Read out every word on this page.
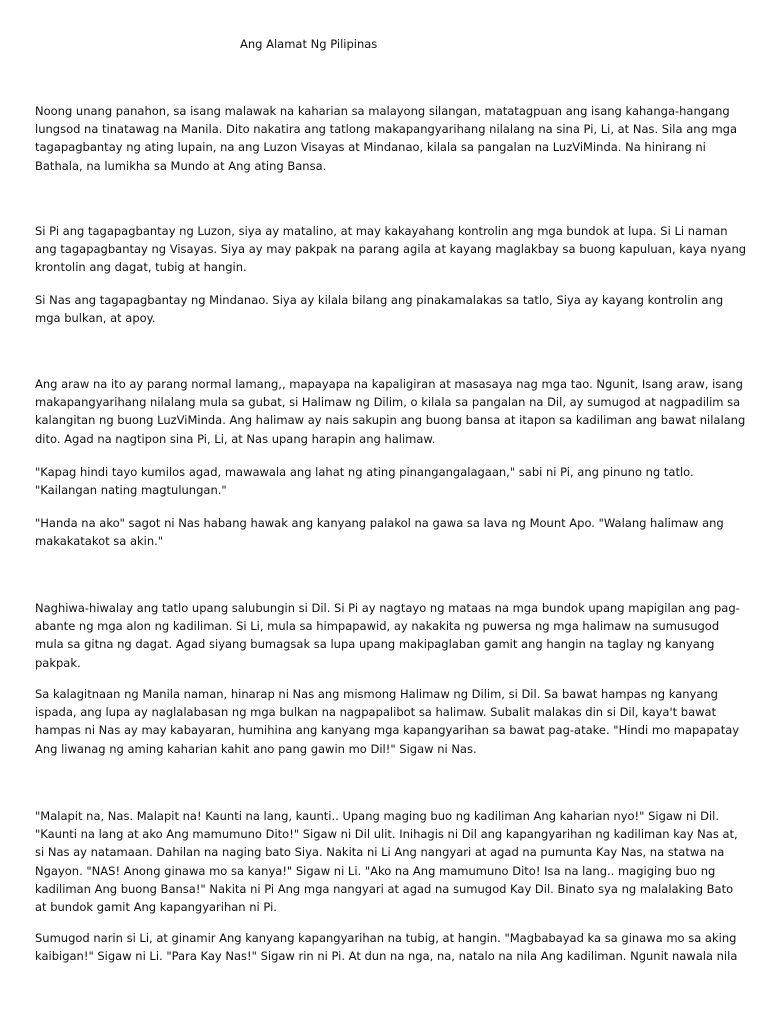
Ang Alamat Ng Pilipinas
Noong unang panahon, sa isang malawak na kaharian sa malayong silangan, matatagpuan ang isang kahanga-hangang
lungsod na tinatawag na Manila. Dito nakatira ang tatlong makapangyarihang nilalang na sina Pi, Li, at Nas. Sila ang mga
tagapagbantay ng ating lupain, na ang Luzon Visayas at Mindanao, kilala sa pangalan na LuzViMinda. Na hinirang ni
Bathala, na lumikha sa Mundo at Ang ating Bansa.
Si Pi ang tagapagbantay ng Luzon, siya ay matalino, at may kakayahang kontrolin ang mga bundok at lupa. Si Li naman
ang tagapagbantay ng Visayas. Siya ay may pakpak na parang agila at kayang maglakbay sa buong kapuluan, kaya nyang
krontolin ang dagat, tubig at hangin.
Si Nas ang tagapagbantay ng Mindanao. Siya ay kilala bilang ang pinakamalakas sa tatlo, Siya ay kayang kontrolin ang
mga bulkan, at apoy.
Ang araw na ito ay parang normal lamang,, mapayapa na kapaligiran at masasaya nag mga tao. Ngunit, Isang araw, isang
makapangyarihang nilalang mula sa gubat, si Halimaw ng Dilim, o kilala sa pangalan na Dil, ay sumugod at nagpadilim sa
kalangitan ng buong LuzViMinda. Ang halimaw ay nais sakupin ang buong bansa at itapon sa kadiliman ang bawat nilalang
dito. Agad na nagtipon sina Pi, Li, at Nas upang harapin ang halimaw.
"Kapag hindi tayo kumilos agad, mawawala ang lahat ng ating pinangangalagaan," sabi ni Pi, ang pinuno ng tatlo.
"Kailangan nating magtulungan."
"Handa na ako" sagot ni Nas habang hawak ang kanyang palakol na gawa sa lava ng Mount Apo. "Walang halimaw ang
makakatakot sa akin."
Naghiwa-hiwalay ang tatlo upang salubungin si Dil. Si Pi ay nagtayo ng mataas na mga bundok upang mapigilan ang pag-
abante ng mga alon ng kadiliman. Si Li, mula sa himpapawid, ay nakakita ng puwersa ng mga halimaw na sumusugod
mula sa gitna ng dagat. Agad siyang bumagsak sa lupa upang makipaglaban gamit ang hangin na taglay ng kanyang
pakpak.
Sa kalagitnaan ng Manila naman, hinarap ni Nas ang mismong Halimaw ng Dilim, si Dil. Sa bawat hampas ng kanyang
ispada, ang lupa ay naglalabasan ng mga bulkan na nagpapalibot sa halimaw. Subalit malakas din si Dil, kaya't bawat
hampas ni Nas ay may kabayaran, humihina ang kanyang mga kapangyarihan sa bawat pag-atake. "Hindi mo mapapatay
Ang liwanag ng aming kaharian kahit ano pang gawin mo Dil!" Sigaw ni Nas.
"Malapit na, Nas. Malapit na! Kaunti na lang, kaunti.. Upang maging buo ng kadiliman Ang kaharian nyo!" Sigaw ni Dil.
"Kaunti na lang at ako Ang mamumuno Dito!" Sigaw ni Dil ulit. Inihagis ni Dil ang kapangyarihan ng kadiliman kay Nas at,
si Nas ay natamaan. Dahilan na naging bato Siya. Nakita ni Li Ang nangyari at agad na pumunta Kay Nas, na statwa na
Ngayon. "NAS! Anong ginawa mo sa kanya!" Sigaw ni Li. "Ako na Ang mamumuno Dito! Isa na lang.. magiging buo ng
kadiliman Ang buong Bansa!" Nakita ni Pi Ang mga nangyari at agad na sumugod Kay Dil. Binato sya ng malalaking Bato
at bundok gamit Ang kapangyarihan ni Pi.
Sumugod narin si Li, at ginamir Ang kanyang kapangyarihan na tubig, at hangin. "Magbabayad ka sa ginawa mo sa aking
kaibigan!" Sigaw ni Li. "Para Kay Nas!" Sigaw rin ni Pi. At dun na nga, na, natalo na nila Ang kadiliman. Ngunit nawala nila
